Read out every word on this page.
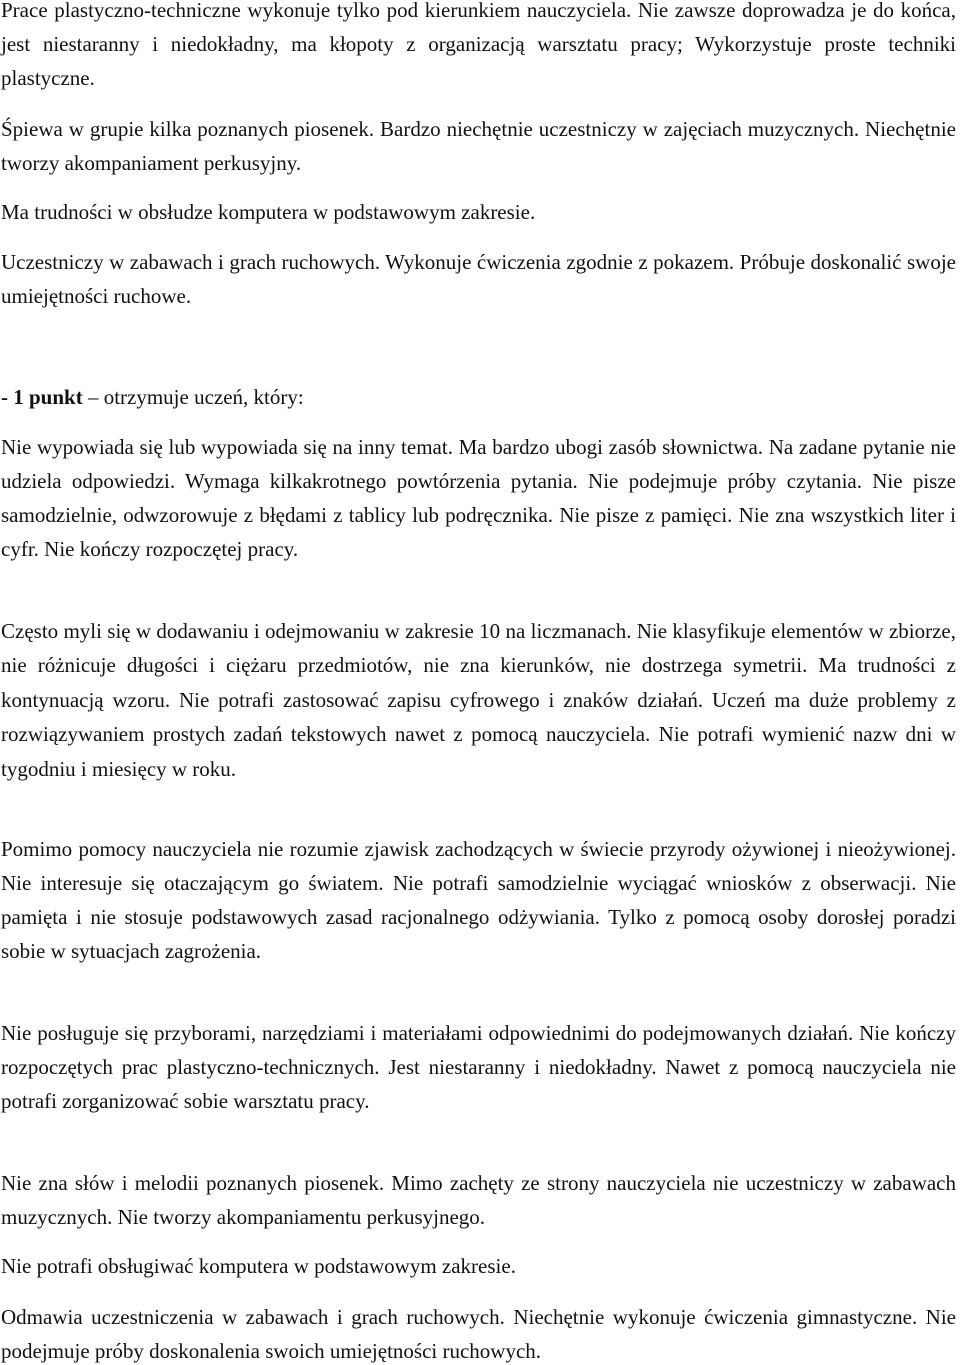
Prace plastyczno-techniczne wykonuje tylko pod kierunkiem nauczyciela. Nie zawsze doprowadza je do końca, jest niestaranny i niedokładny, ma kłopoty z organizacją warsztatu pracy; Wykorzystuje proste techniki plastyczne.

Śpiewa w grupie kilka poznanych piosenek. Bardzo niechętnie uczestniczy w zajęciach muzycznych. Niechętnie tworzy akompaniament perkusyjny.

Ma trudności w obsłudze komputera w podstawowym zakresie.

Uczestniczy w zabawach i grach ruchowych. Wykonuje ćwiczenia zgodnie z pokazem. Próbuje doskonalić swoje umiejętności ruchowe.

- 1 punkt – otrzymuje uczeń, który:

Nie wypowiada się lub wypowiada się na inny temat. Ma bardzo ubogi zasób słownictwa. Na zadane pytanie nie udziela odpowiedzi. Wymaga kilkakrotnego powtórzenia pytania. Nie podejmuje próby czytania. Nie pisze samodzielnie, odwzorowuje z błędami z tablicy lub podręcznika. Nie pisze z pamięci. Nie zna wszystkich liter i cyfr. Nie kończy rozpoczętej pracy.

Często myli się w dodawaniu i odejmowaniu w zakresie 10 na liczmanach. Nie klasyfikuje elementów w zbiorze, nie różnicuje długości i ciężaru przedmiotów, nie zna kierunków, nie dostrzega symetrii. Ma trudności z kontynuacją wzoru. Nie potrafi zastosować zapisu cyfrowego i znaków działań. Uczeń ma duże problemy z rozwiązywaniem prostych zadań tekstowych nawet z pomocą nauczyciela. Nie potrafi wymienić nazw dni w tygodniu i miesięcy w roku.

Pomimo pomocy nauczyciela nie rozumie zjawisk zachodzących w świecie przyrody ożywionej i nieożywionej. Nie interesuje się otaczającym go światem. Nie potrafi samodzielnie wyciągać wniosków z obserwacji. Nie pamięta i nie stosuje podstawowych zasad racjonalnego odżywiania. Tylko z pomocą osoby dorosłej poradzi sobie w sytuacjach zagrożenia.

Nie posługuje się przyborami, narzędziami i materiałami odpowiednimi do podejmowanych działań. Nie kończy rozpoczętych prac plastyczno-technicznych. Jest niestaranny i niedokładny. Nawet z pomocą nauczyciela nie potrafi zorganizować sobie warsztatu pracy.

Nie zna słów i melodii poznanych piosenek. Mimo zachęty ze strony nauczyciela nie uczestniczy w zabawach muzycznych. Nie tworzy akompaniamentu perkusyjnego.

Nie potrafi obsługiwać komputera w podstawowym zakresie.

Odmawia uczestniczenia w zabawach i grach ruchowych. Niechętnie wykonuje ćwiczenia gimnastyczne. Nie podejmuje próby doskonalenia swoich umiejętności ruchowych.
